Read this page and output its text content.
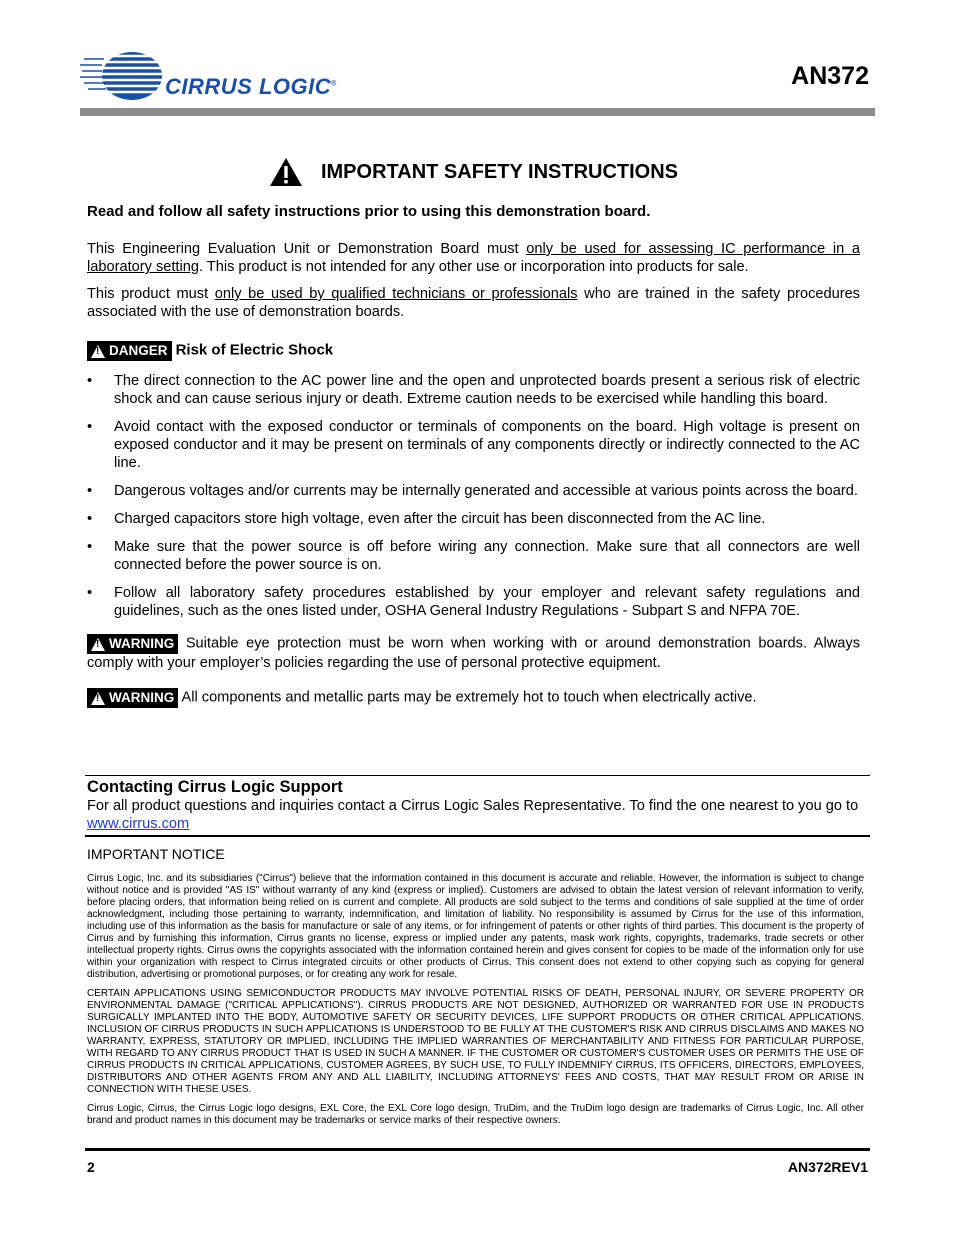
CIRRUS LOGIC®	AN372
IMPORTANT SAFETY INSTRUCTIONS
Read and follow all safety instructions prior to using this demonstration board.

This Engineering Evaluation Unit or Demonstration Board must only be used for assessing IC performance in a laboratory setting. This product is not intended for any other use or incorporation into products for sale.

This product must only be used by qualified technicians or professionals who are trained in the safety procedures associated with the use of demonstration boards.

!
DANGER Risk of Electric Shock
• The direct connection to the AC power line and the open and unprotected boards present a serious risk of electric shock and can cause serious injury or death. Extreme caution needs to be exercised while handling this board.
• Avoid contact with the exposed conductor or terminals of components on the board. High voltage is present on exposed conductor and it may be present on terminals of any components directly or indirectly connected to the AC line.
• Dangerous voltages and/or currents may be internally generated and accessible at various points across the board.
• Charged capacitors store high voltage, even after the circuit has been disconnected from the AC line.
• Make sure that the power source is off before wiring any connection. Make sure that all connectors are well connected before the power source is on.
• Follow all laboratory safety procedures established by your employer and relevant safety regulations and guidelines, such as the ones listed under, OSHA General Industry Regulations - Subpart S and NFPA 70E.

!
WARNING Suitable eye protection must be worn when working with or around demonstration boards. Always comply with your employer’s policies regarding the use of personal protective equipment.

!
WARNING All components and metallic parts may be extremely hot to touch when electrically active.

Contacting Cirrus Logic Support
For all product questions and inquiries contact a Cirrus Logic Sales Representative. To find the one nearest to you go to www.cirrus.com
IMPORTANT NOTICE

Cirrus Logic, Inc. and its subsidiaries ("Cirrus") believe that the information contained in this document is accurate and reliable. However, the information is subject to change without notice and is provided "AS IS" without warranty of any kind (express or implied). Customers are advised to obtain the latest version of relevant information to verify, before placing orders, that information being relied on is current and complete. All products are sold subject to the terms and conditions of sale supplied at the time of order acknowledgment, including those pertaining to warranty, indemnification, and limitation of liability. No responsibility is assumed by Cirrus for the use of this information, including use of this information as the basis for manufacture or sale of any items, or for infringement of patents or other rights of third parties. This document is the property of Cirrus and by furnishing this information, Cirrus grants no license, express or implied under any patents, mask work rights, copyrights, trademarks, trade secrets or other intellectual property rights. Cirrus owns the copyrights associated with the information contained herein and gives consent for copies to be made of the information only for use within your organization with respect to Cirrus integrated circuits or other products of Cirrus. This consent does not extend to other copying such as copying for general distribution, advertising or promotional purposes, or for creating any work for resale.

CERTAIN APPLICATIONS USING SEMICONDUCTOR PRODUCTS MAY INVOLVE POTENTIAL RISKS OF DEATH, PERSONAL INJURY, OR SEVERE PROPERTY OR ENVIRONMENTAL DAMAGE ("CRITICAL APPLICATIONS"). CIRRUS PRODUCTS ARE NOT DESIGNED, AUTHORIZED OR WARRANTED FOR USE IN PRODUCTS SURGICALLY IMPLANTED INTO THE BODY, AUTOMOTIVE SAFETY OR SECURITY DEVICES, LIFE SUPPORT PRODUCTS OR OTHER CRITICAL APPLICATIONS. INCLUSION OF CIRRUS PRODUCTS IN SUCH APPLICATIONS IS UNDERSTOOD TO BE FULLY AT THE CUSTOMER'S RISK AND CIRRUS DISCLAIMS AND MAKES NO WARRANTY, EXPRESS, STATUTORY OR IMPLIED, INCLUDING THE IMPLIED WARRANTIES OF MERCHANTABILITY AND FITNESS FOR PARTICULAR PURPOSE, WITH REGARD TO ANY CIRRUS PRODUCT THAT IS USED IN SUCH A MANNER. IF THE CUSTOMER OR CUSTOMER'S CUSTOMER USES OR PERMITS THE USE OF CIRRUS PRODUCTS IN CRITICAL APPLICATIONS, CUSTOMER AGREES, BY SUCH USE, TO FULLY INDEMNIFY CIRRUS, ITS OFFICERS, DIRECTORS, EMPLOYEES, DISTRIBUTORS AND OTHER AGENTS FROM ANY AND ALL LIABILITY, INCLUDING ATTORNEYS' FEES AND COSTS, THAT MAY RESULT FROM OR ARISE IN CONNECTION WITH THESE USES.

Cirrus Logic, Cirrus, the Cirrus Logic logo designs, EXL Core, the EXL Core logo design, TruDim, and the TruDim logo design are trademarks of Cirrus Logic, Inc. All other brand and product names in this document may be trademarks or service marks of their respective owners.

2	AN372REV1
